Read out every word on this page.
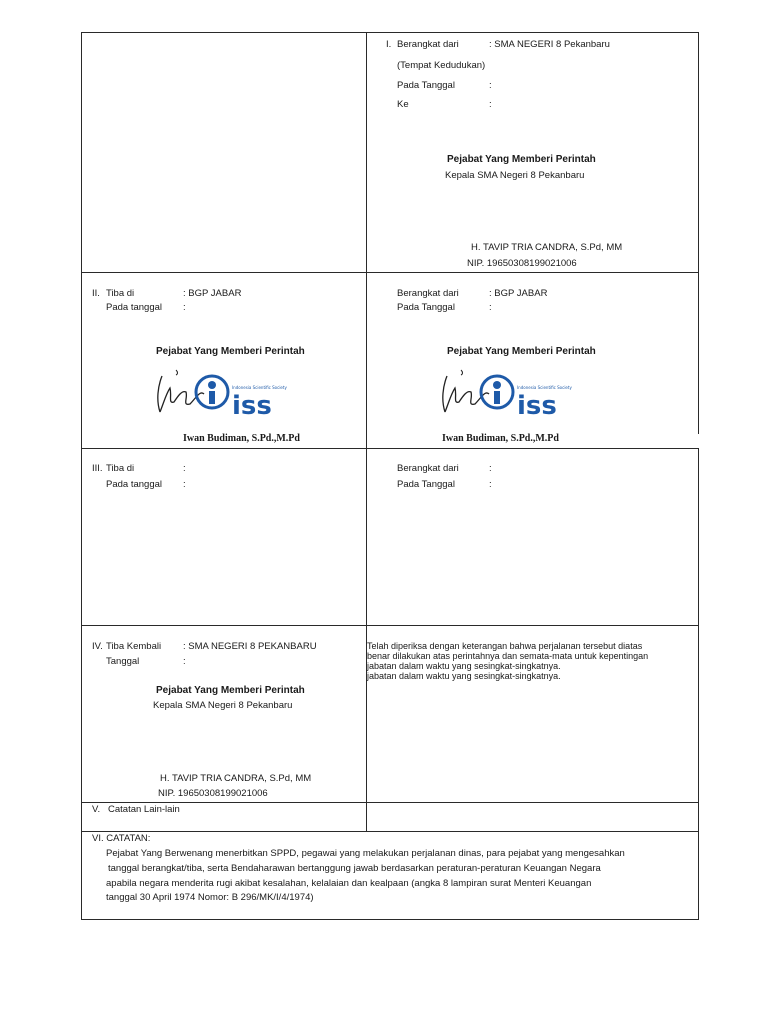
I. Berangkat dari	: SMA NEGERI 8 Pekanbaru
(Tempat Kedudukan)
Pada Tanggal	:
Ke	:
Pejabat Yang Memberi Perintah
Kepala SMA Negeri 8 Pekanbaru
H. TAVIP TRIA CANDRA, S.Pd, MM
NIP. 19650308199021006
II. Tiba di	: BGP JABAR
Pada tanggal :
Pejabat Yang Memberi Perintah
iss
Indonesia Scientific Society
Iwan Budiman, S.Pd.,M.Pd
Berangkat dari	: BGP JABAR
Pada Tanggal	:
Pejabat Yang Memberi Perintah
iss
Indonesia Scientific Society
Iwan Budiman, S.Pd.,M.Pd
III. Tiba di	:
Pada tanggal :
Berangkat dari	:
Pada Tanggal	:
IV. Tiba Kembali : SMA NEGERI 8 PEKANBARU
Tanggal	:
Pejabat Yang Memberi Perintah
Kepala SMA Negeri 8 Pekanbaru
H. TAVIP TRIA CANDRA, S.Pd, MM
NIP. 19650308199021006
Telah diperiksa dengan keterangan bahwa perjalanan tersebut diatas
benar dilakukan atas perintahnya dan semata-mata untuk kepentingan
jabatan dalam waktu yang sesingkat-singkatnya.
jabatan dalam waktu yang sesingkat-singkatnya.
V. Catatan Lain-lain
VI. CATATAN:
Pejabat Yang Berwenang menerbitkan SPPD, pegawai yang melakukan perjalanan dinas, para pejabat yang mengesahkan
tanggal berangkat/tiba, serta Bendaharawan bertanggung jawab berdasarkan peraturan-peraturan Keuangan Negara
apabila negara menderita rugi akibat kesalahan, kelalaian dan kealpaan (angka 8 lampiran surat Menteri Keuangan
tanggal 30 April 1974 Nomor: B 296/MK/I/4/1974)
